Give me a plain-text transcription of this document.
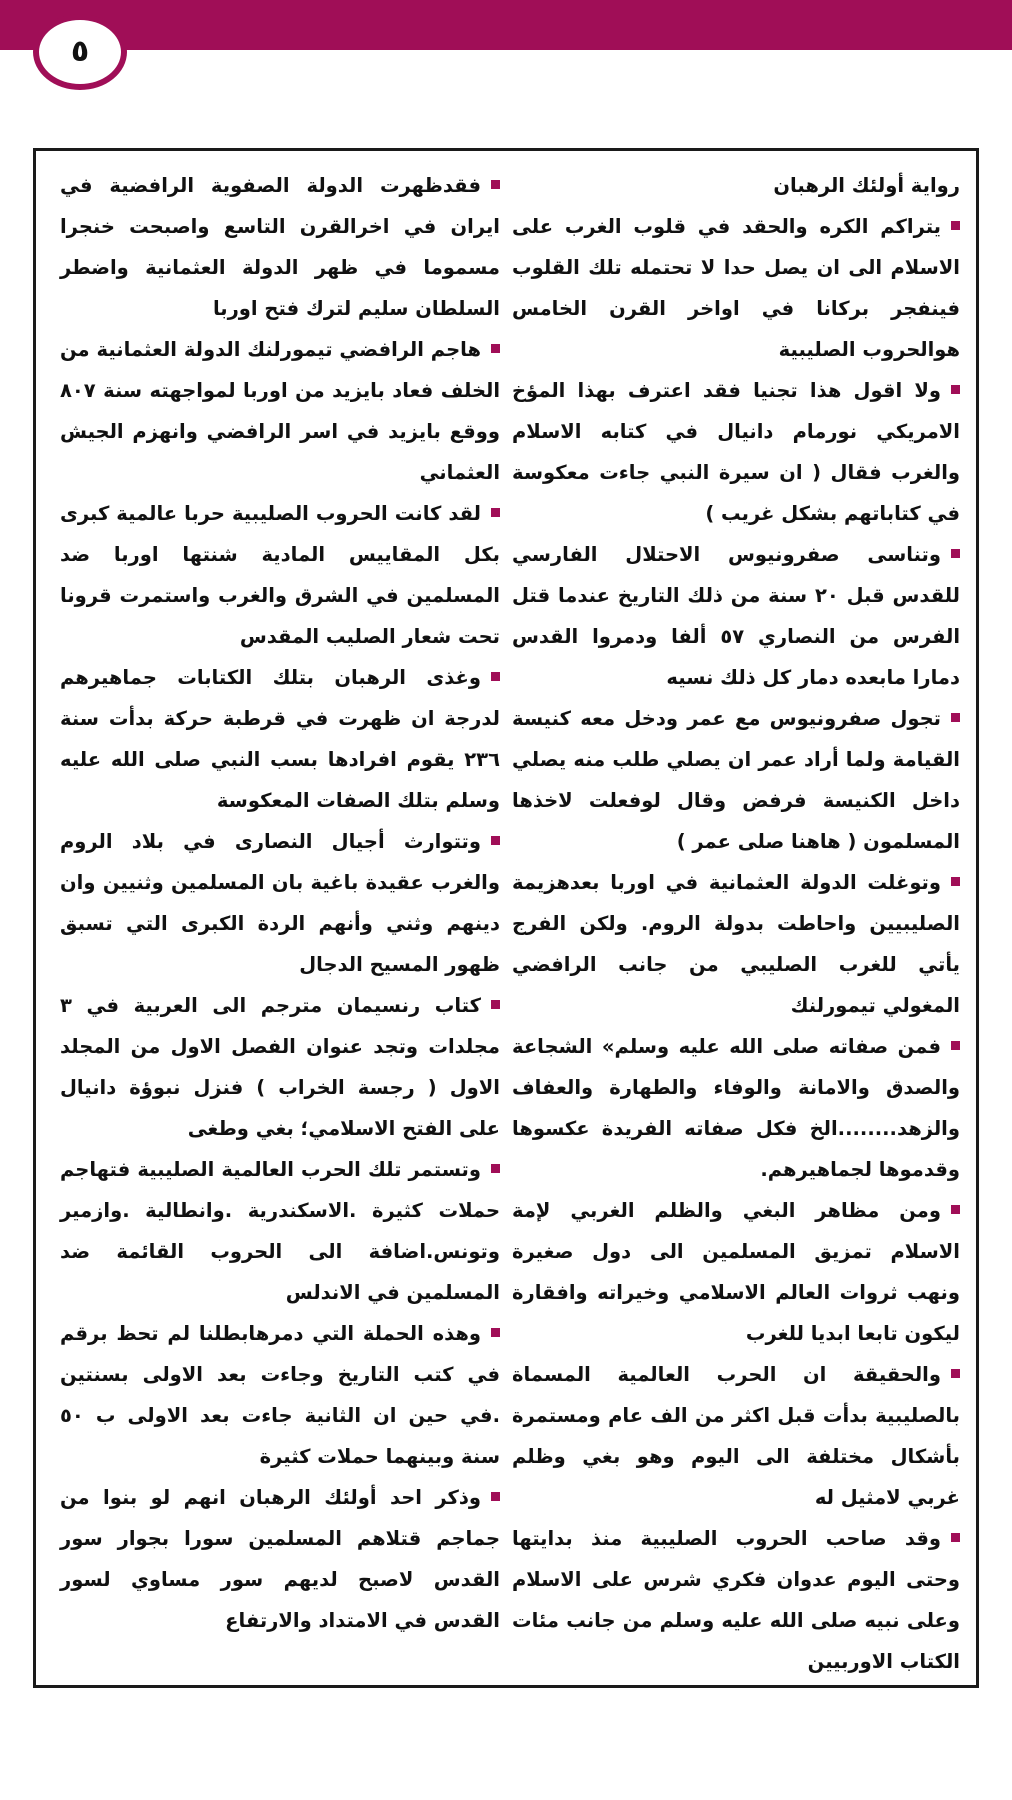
٥

رواية أولئك الرهبان

يتراكم الكره والحقد في قلوب الغرب على الاسلام الى ان يصل حدا لا تحتمله تلك القلوب فينفجر بركانا في اواخر القرن الخامس هوالحروب الصليبية

ولا اقول هذا تجنيا فقد اعترف بهذا المؤخ الامريكي نورمام دانيال في كتابه الاسلام والغرب فقال ( ان سيرة النبي جاءت معكوسة في كتاباتهم بشكل غريب )

وتناسى صفرونيوس الاحتلال الفارسي للقدس قبل ٢٠ سنة من ذلك التاريخ عندما قتل الفرس من النصاري ٥٧ ألفا ودمروا القدس دمارا مابعده دمار كل ذلك نسيه

تجول صفرونيوس مع عمر ودخل معه كنيسة القيامة ولما أراد عمر ان يصلي طلب منه يصلي داخل الكنيسة فرفض وقال لوفعلت لاخذها المسلمون ( هاهنا صلى عمر )

وتوغلت الدولة العثمانية في اوربا بعدهزيمة الصليبيين واحاطت بدولة الروم. ولكن الفرج يأتي للغرب الصليبي من جانب الرافضي المغولي تيمورلنك

فمن صفاته صلى الله عليه وسلم» الشجاعة والصدق والامانة والوفاء والطهارة والعفاف والزهد........الخ فكل صفاته الفريدة عكسوها وقدموها لجماهيرهم.

ومن مظاهر البغي والظلم الغربي لإمة الاسلام تمزيق المسلمين الى دول صغيرة ونهب ثروات العالم الاسلامي وخيراته وافقارة ليكون تابعا ابديا للغرب

والحقيقة ان الحرب العالمية المسماة بالصليبية بدأت قبل اكثر من الف عام ومستمرة بأشكال مختلفة الى اليوم وهو بغي وظلم غربي لامثيل له

وقد صاحب الحروب الصليبية منذ بدايتها وحتى اليوم عدوان فكري شرس على الاسلام وعلى نبيه صلى الله عليه وسلم من جانب مئات الكتاب الاوربيين

فقدظهرت الدولة الصفوية الرافضية في ايران في اخرالقرن التاسع واصبحت خنجرا مسموما في ظهر الدولة العثمانية واضطر السلطان سليم لترك فتح اوربا

هاجم الرافضي تيمورلنك الدولة العثمانية من الخلف فعاد بايزيد من اوربا لمواجهته سنة ٨٠٧ ووقع بايزيد في اسر الرافضي وانهزم الجيش العثماني

لقد كانت الحروب الصليبية حربا عالمية كبرى بكل المقاييس المادية شنتها اوربا ضد المسلمين في الشرق والغرب واستمرت قرونا تحت شعار الصليب المقدس

وغذى الرهبان بتلك الكتابات جماهيرهم لدرجة ان ظهرت في قرطبة حركة بدأت سنة ٢٣٦ يقوم افرادها بسب النبي صلى الله عليه وسلم بتلك الصفات المعكوسة

وتتوارث أجيال النصارى في بلاد الروم والغرب عقيدة باغية بان المسلمين وثنيين وان دينهم وثني وأنهم الردة الكبرى التي تسبق ظهور المسيح الدجال

كتاب رنسيمان مترجم الى العربية في ٣ مجلدات وتجد عنوان الفصل الاول من المجلد الاول ( رجسة الخراب ) فنزل نبوؤة دانيال على الفتح الاسلامي؛ بغي وطغى

وتستمر تلك الحرب العالمية الصليبية فتهاجم حملات كثيرة .الاسكندرية .وانطالية .وازمير وتونس.اضافة الى الحروب القائمة ضد المسلمين في الاندلس

وهذه الحملة التي دمرهابطلنا لم تحظ برقم في كتب التاريخ وجاءت بعد الاولى بسنتين .في حين ان الثانية جاءت بعد الاولى ب ٥٠ سنة وبينهما حملات كثيرة

وذكر احد أولئك الرهبان انهم لو بنوا من جماجم قتلاهم المسلمين سورا بجوار سور القدس لاصبح لديهم سور مساوي لسور القدس في الامتداد والارتفاع
